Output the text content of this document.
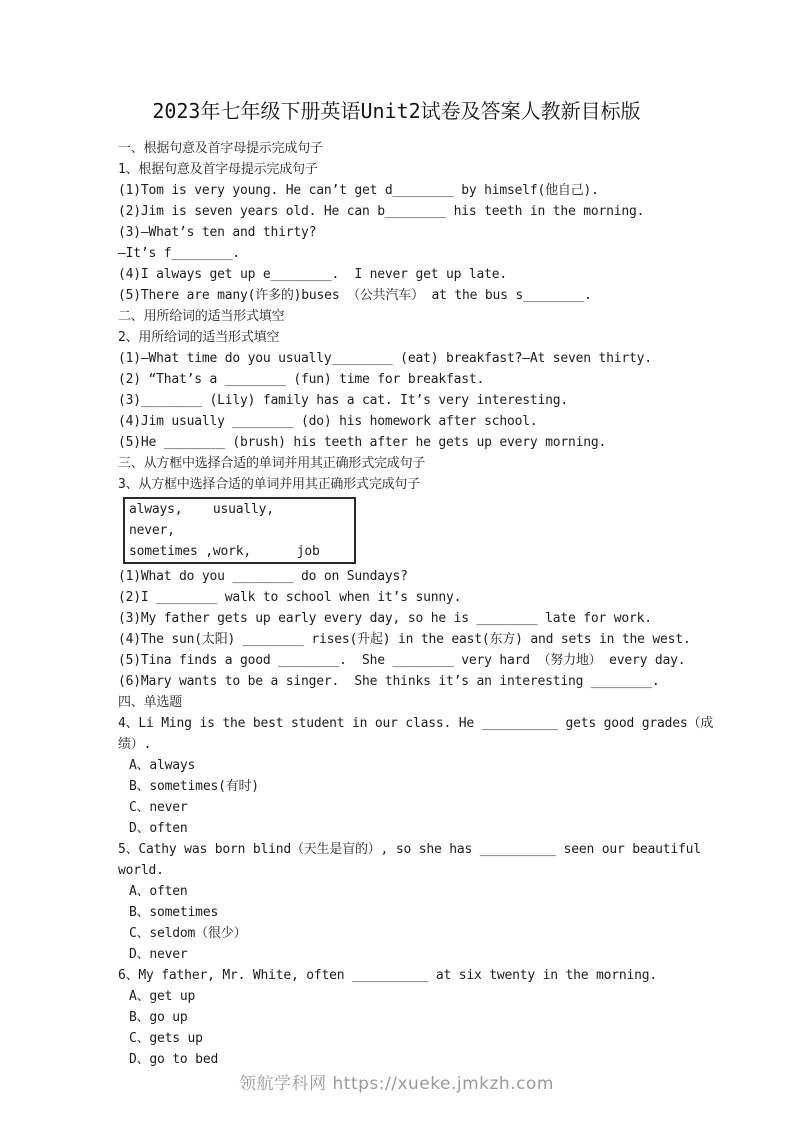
2023年七年级下册英语Unit2试卷及答案人教新目标版
一、根据句意及首字母提示完成句子
1、根据句意及首字母提示完成句子
(1)Tom is very young. He can’t get d________ by himself(他自己).
(2)Jim is seven years old. He can b________ his teeth in the morning.
(3)—What’s ten and thirty?
—It’s f________.
(4)I always get up e________.  I never get up late.
(5)There are many(许多的)buses （公共汽车） at the bus s________.
二、用所给词的适当形式填空
2、用所给词的适当形式填空
(1)—What time do you usually________ (eat) breakfast?—At seven thirty.
(2) “That’s a ________ (fun) time for breakfast.
(3)________ (Lily) family has a cat. It’s very interesting.
(4)Jim usually ________ (do) his homework after school.
(5)He ________ (brush) his teeth after he gets up every morning.
三、从方框中选择合适的单词并用其正确形式完成句子
3、从方框中选择合适的单词并用其正确形式完成句子
always,    usually,      never,
sometimes ,work,      job
(1)What do you ________ do on Sundays?
(2)I ________ walk to school when it’s sunny.
(3)My father gets up early every day, so he is ________ late for work.
(4)The sun(太阳) ________ rises(升起) in the east(东方) and sets in the west.
(5)Tina finds a good ________.  She ________ very hard （努力地） every day.
(6)Mary wants to be a singer.  She thinks it’s an interesting ________.
四、单选题
4、Li Ming is the best student in our class. He __________ gets good grades（成绩）.
A、always
B、sometimes(有时)
C、never
D、often
5、Cathy was born blind（天生是盲的）, so she has __________ seen our beautiful world.
A、often
B、sometimes
C、seldom（很少）
D、never
6、My father, Mr. White, often __________ at six twenty in the morning.
A、get up
B、go up
C、gets up
D、go to bed
领航学科网 https://xueke.jmkzh.com
